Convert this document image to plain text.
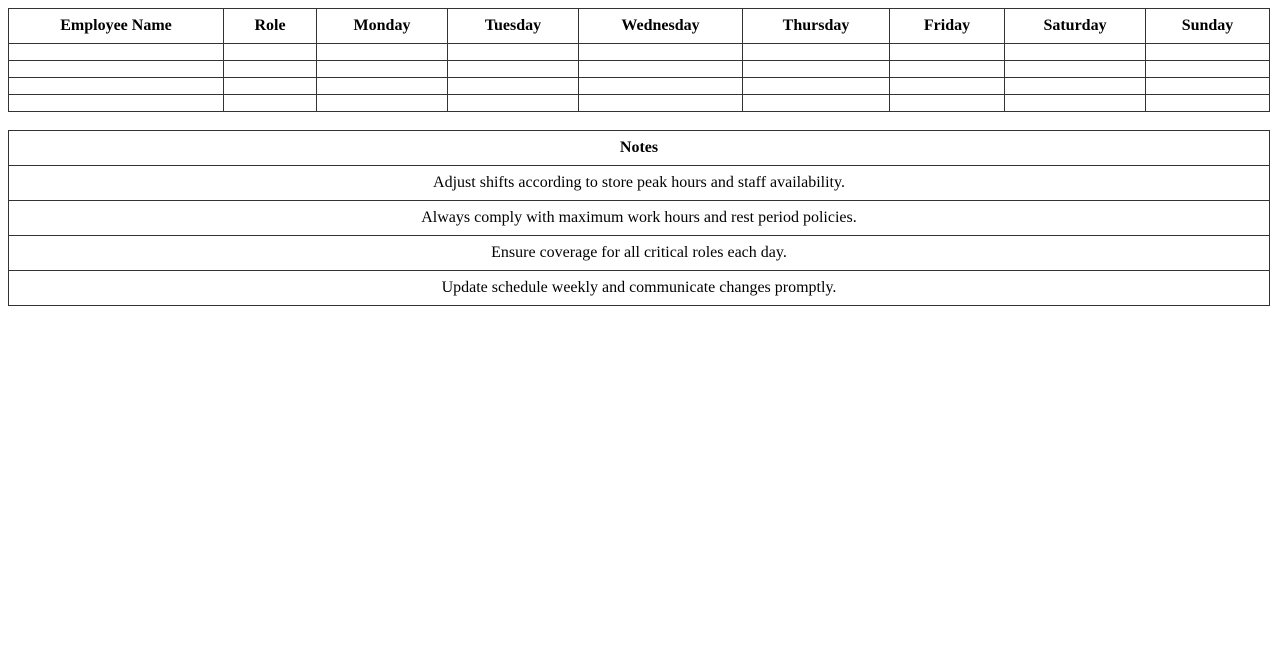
Employee Name	Role	Monday	Tuesday	Wednesday	Thursday	Friday	Saturday	Sunday

Notes
Adjust shifts according to store peak hours and staff availability.
Always comply with maximum work hours and rest period policies.
Ensure coverage for all critical roles each day.
Update schedule weekly and communicate changes promptly.
